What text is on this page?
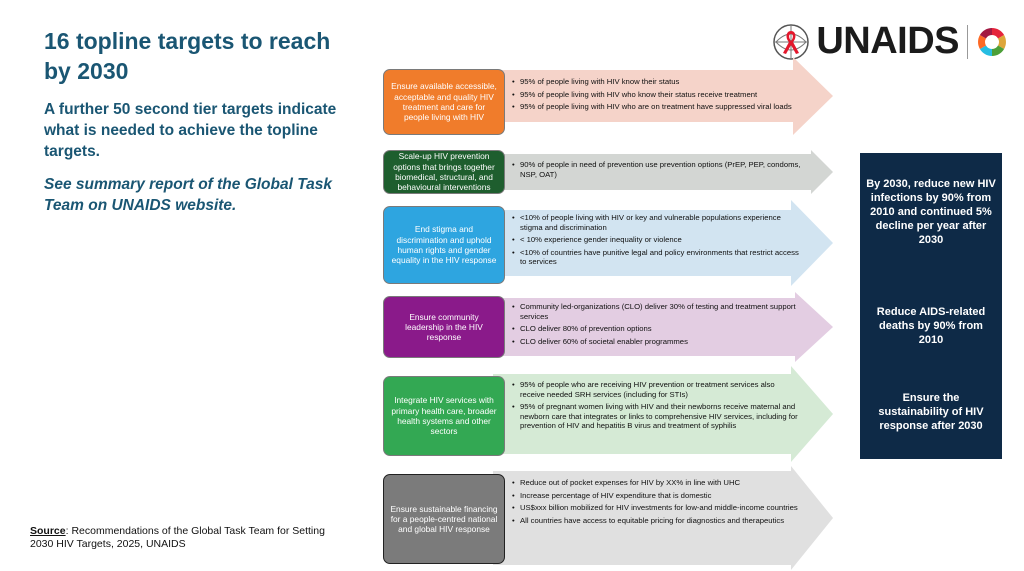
16 topline targets to reach by 2030
A further 50 second tier targets indicate what is needed to achieve the topline targets.
See summary report of the Global Task Team on UNAIDS website.
Source: Recommendations of the Global Task Team for Setting 2030 HIV Targets, 2025, UNAIDS
UNAIDS
Ensure available accessible, acceptable and quality HIV treatment and care for people living with HIV
• 95% of people living with HIV know their status
• 95% of people living with HIV who know their status receive treatment
• 95% of people living with HIV who are on treatment have suppressed viral loads
Scale-up HIV prevention options that brings together biomedical, structural, and behavioural interventions
• 90% of people in need of prevention use prevention options (PrEP, PEP, condoms, NSP, OAT)
End stigma and discrimination and uphold human rights and gender equality in the HIV response
• <10% of people living with HIV or key and vulnerable populations experience stigma and discrimination
• < 10% experience gender inequality or violence
• <10% of countries have punitive legal and policy environments that restrict access to services
Ensure community leadership in the HIV response
• Community led-organizations (CLO) deliver 30% of testing and treatment support services
• CLO deliver 80% of prevention options
• CLO deliver 60% of societal enabler programmes
Integrate HIV services with primary health care, broader health systems and other sectors
• 95% of people who are receiving HIV prevention or treatment services also receive needed SRH services (including for STIs)
• 95% of pregnant women living with HIV and their newborns receive maternal and newborn care that integrates or links to comprehensive HIV services, including for prevention of HIV and hepatitis B virus and treatment of syphilis
Ensure sustainable financing for a people-centred national and global HIV response
• Reduce out of pocket expenses for HIV by XX% in line with UHC
• Increase percentage of HIV expenditure that is domestic
• US$xxx billion mobilized for HIV investments for low-and middle-income countries
• All countries have access to equitable pricing for diagnostics and therapeutics
By 2030, reduce new HIV infections by 90% from 2010 and continued 5% decline per year after 2030
Reduce AIDS-related deaths by 90% from 2010
Ensure the sustainability of HIV response after 2030
